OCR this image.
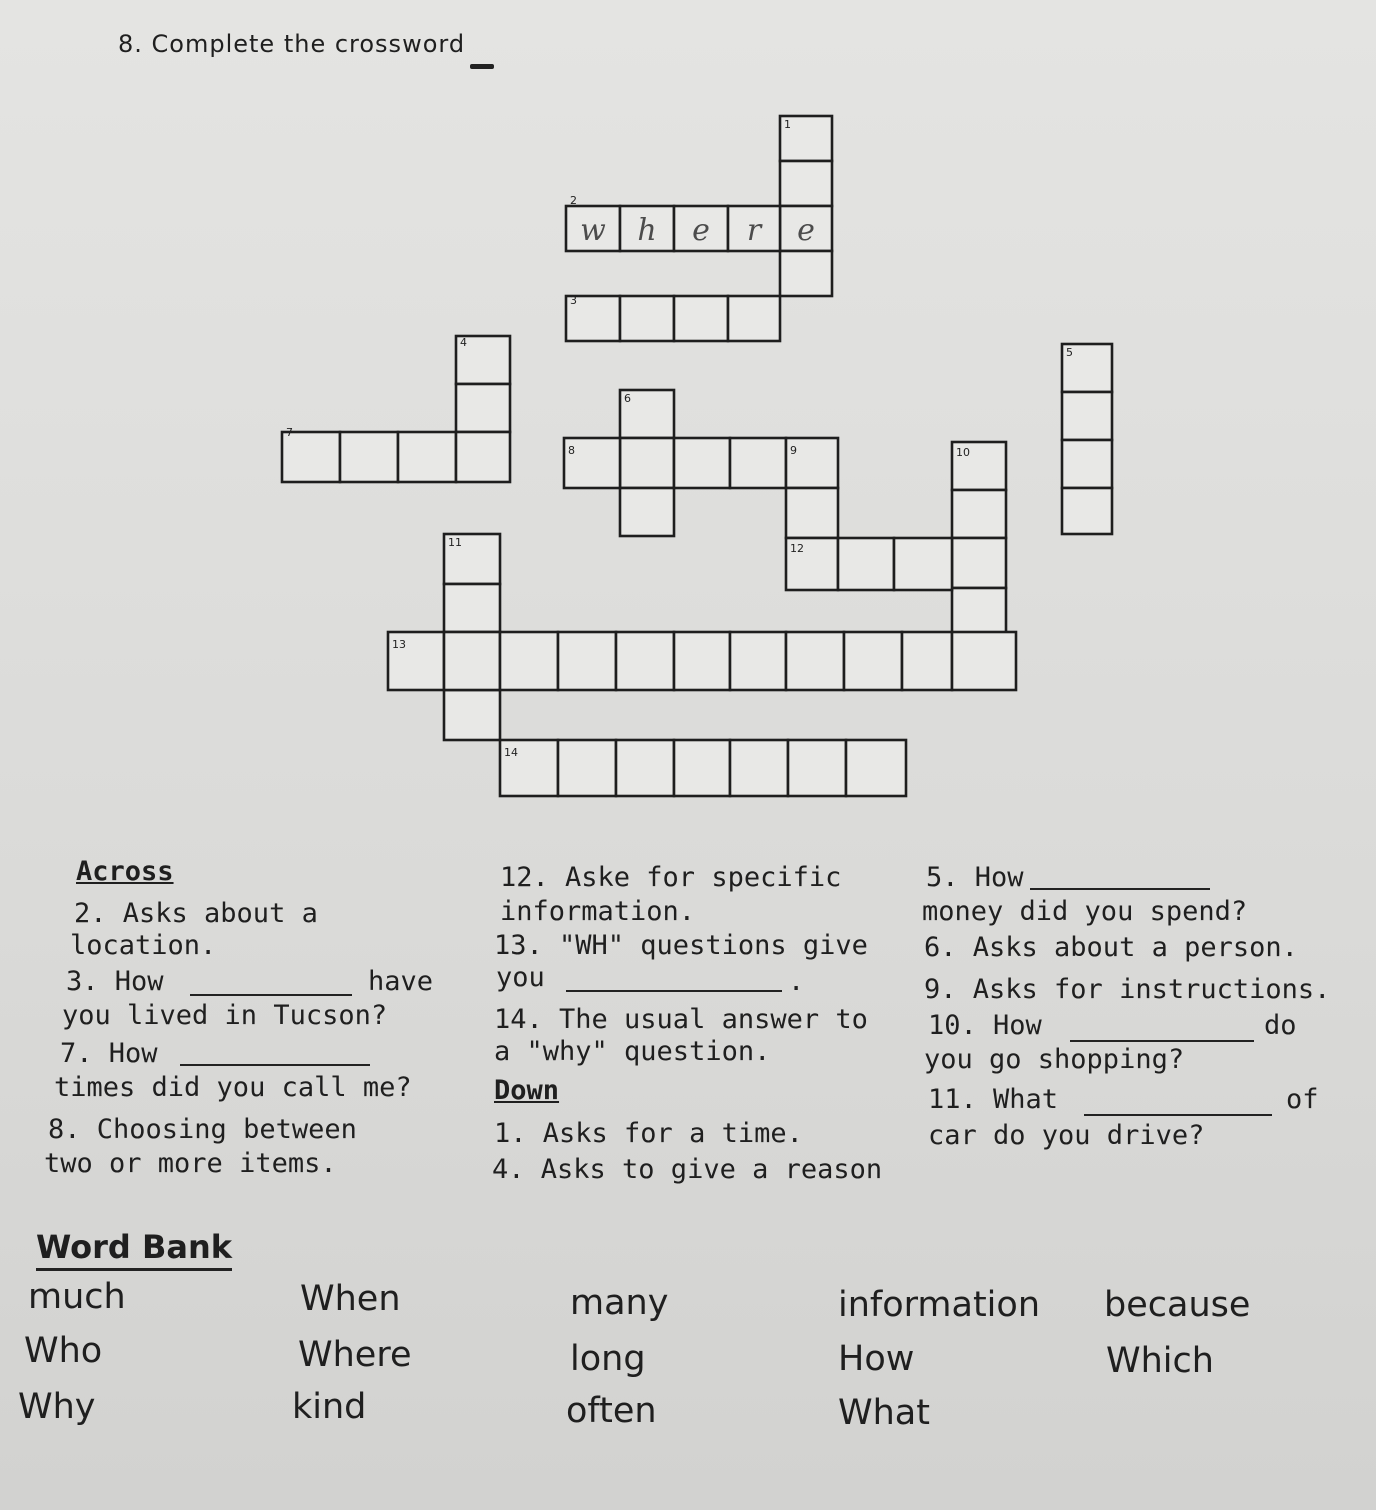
8. Complete the crossword
1
2
3
4
5
6
7
8	9	10
11	12
13
14
w h e r e
Across
2. Asks about a
location.
3. How	have
you lived in Tucson?
7. How
times did you call me?
8. Choosing between
two or more items.
12. Aske for specific
information.
13. "WH" questions give
you	.
14. The usual answer to
a "why" question.
1. Asks for a time.
4. Asks to give a reason
5. How
money did you spend?
6. Asks about a person.
9. Asks for instructions.
10. How	do
you go shopping?
11. What	of
car do you drive?
Down
Word Bank
much	When	many	information because
Who	Where	long	How	Which
Why	kind	often	What
